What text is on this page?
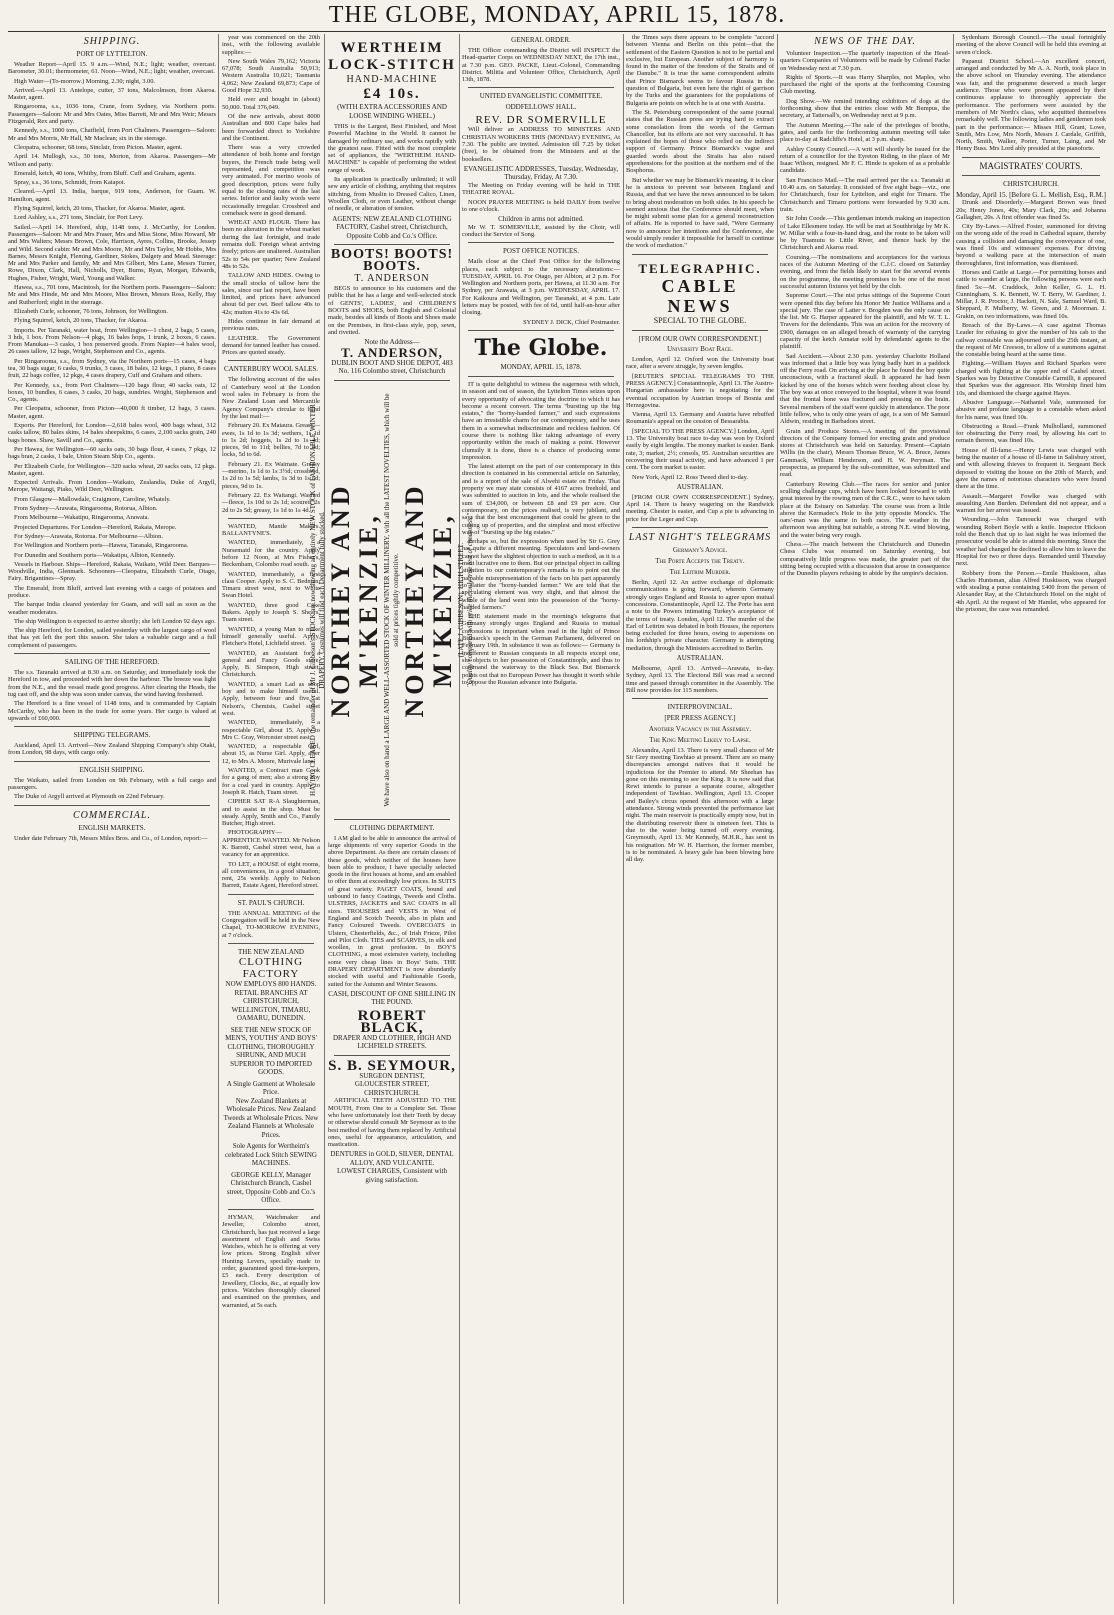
THE GLOBE, MONDAY, APRIL 15, 1878.
SHIPPING.
PORT OF LYTTELTON.
Weather Report—April 15. 9 a.m.—Wind, N.E.; light; weather, overcast. Barometer, 30.01; thermometer, 61. Noon—Wind, N.E.; light; weather, overcast.
High Water—(To-morrow.) Morning, 2.30; night, 3.00.
Arrived.—April 13. Antelope, cutter, 37 tons, Malcolmson, from Akaroa. Master, agent.
Ringarooma, s.s., 1036 tons, Crane, from Sydney, via Northern ports. Passengers—Saloon: Mr and Mrs Oates, Miss Barrett, Mr and Mrs Weir; Messrs Fitzgerald, Rex and party.
Kennedy, s.s., 1000 tons, Chatfield, from Port Chalmers. Passengers—Saloon: Mr and Mrs Morris, Mr Hall, Mr Maclean; six in the steerage.
Cleopatra, schooner, 68 tons, Sinclair, from Picton. Master, agent.
April 14. Mullogh, s.s., 30 tons, Morton, from Akaroa. Passengers—Mr Wilson and party.
Emerald, ketch, 40 tons, Whitby, from Bluff. Cuff and Graham, agents.
Spray, s.s., 36 tons, Schmidt, from Kaiapoi.
Cleared.—April 13. India, barque, 919 tons, Anderson, for Guam. W. Hamilton, agent.
Flying Squirrel, ketch, 20 tons, Thacker, for Akaroa. Master, agent.
Lord Ashley, s.s., 271 tons, Sinclair, for Port Levy.
Sailed.—April 14. Hereford, ship, 1148 tons, J. McCarthy, for London. Passengers—Saloon: Mr and Mrs Fraser, Mrs and Miss Stone, Miss Howard, Mr and Mrs Walters; Messrs Brown, Cole, Harrison, Ayres, Collins, Brooke, Jessep and Wild. Second cabin: Mr and Mrs Moore, Mr and Mrs Taylor, Mr Hobbs, Mrs Barnes, Messrs Knight, Fleming, Gardiner, Stokes, Dalgety and Mead. Steerage: Mr and Mrs Parker and family, Mr and Mrs Gilbert, Mrs Lane, Messrs Turner, Rowe, Dixon, Clark, Hall, Nicholls, Dyer, Burns, Ryan, Morgan, Edwards, Hughes, Fisher, Wright, Ward, Young and Walker.
Hawea, s.s., 701 tons, Macintosh, for the Northern ports. Passengers—Saloon: Mr and Mrs Hinde, Mr and Mrs Moore, Miss Brown, Messrs Ross, Kelly, Hay and Rutherford; eight in the steerage.
Elizabeth Curle, schooner, 76 tons, Johnson, for Wellington.
Flying Squirrel, ketch, 20 tons, Thacker, for Akaroa.
Imports. Per Taranaki, water boat, from Wellington—1 chest, 2 bags, 5 cases, 3 hds, 1 box. From Nelson—4 pkgs, 16 bales hops, 1 trunk, 2 boxes, 6 cases. From Manukau—3 casks, 1 box preserved goods. From Napier—4 bales wool, 26 cases tallow, 12 bags, Wright, Stephenson and Co., agents.
Per Ringarooma, s.s., from Sydney, via the Northern ports—15 cases, 4 bags tea, 30 bags sugar, 6 casks, 9 trunks, 3 cases, 18 bales, 12 kegs, 1 piano, 8 cases fruit, 22 bags coffee, 12 pkgs, 4 cases drapery, Cuff and Graham and others.
Per Kennedy, s.s., from Port Chalmers—120 bags flour, 40 sacks oats, 12 boxes, 10 bundles, 6 cases, 3 casks, 20 bags, sundries. Wright, Stephenson and Co., agents.
Per Cleopatra, schooner, from Picton—40,000 ft timber, 12 bags, 3 cases. Master, agent.
Exports. Per Hereford, for London—2,618 bales wool, 400 bags wheat, 312 casks tallow, 80 bales skins, 14 bales sheepskins, 6 cases, 2,100 sacks grain, 240 bags bones. Shaw, Savill and Co., agents.
Per Hawea, for Wellington—60 sacks oats, 30 bags flour, 4 cases, 7 pkgs, 12 bags bran, 2 casks, 1 bale, Union Steam Ship Co., agents.
Per Elizabeth Curle, for Wellington—320 sacks wheat, 20 sacks oats, 12 pkgs. Master, agent.
Expected Arrivals. From London—Waikato, Zealandia, Duke of Argyll, Merope, Waitangi, Piako, Wild Deer, Wellington.
From Glasgow—Mallowdale, Craigmore, Caroline, Whately.
From Sydney—Arawata, Ringarooma, Rotorua, Albion.
From Melbourne—Wakatipu, Ringarooma, Arawata.
Projected Departures. For London—Hereford, Rakaia, Merope.
For Sydney—Arawata, Rotorua. For Melbourne—Albion.
For Wellington and Northern ports—Hawea, Taranaki, Ringarooma.
For Dunedin and Southern ports—Wakatipu, Albion, Kennedy.
Vessels in Harbour. Ships—Hereford, Rakaia, Waikato, Wild Deer. Barques—Woodville, India, Glenmark. Schooners—Cleopatra, Elizabeth Curle, Otago, Fairy. Brigantines—Spray.
The Emerald, from Bluff, arrived last evening with a cargo of potatoes and produce.
The barque India cleared yesterday for Guam, and will sail as soon as the weather moderates.
The ship Wellington is expected to arrive shortly; she left London 92 days ago.
The ship Hereford, for London, sailed yesterday with the largest cargo of wool that has yet left the port this season. She takes a valuable cargo and a full complement of passengers.
SAILING OF THE HEREFORD.
The s.s. Taranaki arrived at 8.30 a.m. on Saturday, and immediately took the Hereford in tow, and proceeded with her down the harbour. The breeze was light from the N.E., and the vessel made good progress. After clearing the Heads, the tug cast off, and the ship was soon under canvas, the wind having freshened.
The Hereford is a fine vessel of 1148 tons, and is commanded by Captain McCarthy, who has been in the trade for some years. Her cargo is valued at upwards of £60,000.
SHIPPING TELEGRAMS.
Auckland, April 13. Arrived—New Zealand Shipping Company's ship Otaki, from London, 98 days, with cargo only.
ENGLISH SHIPPING.
The Waikato, sailed from London on 9th February, with a full cargo and passengers.
The Duke of Argyll arrived at Plymouth on 22nd February.
COMMERCIAL.
ENGLISH MARKETS.
Under date February 7th, Messrs Miles Bros. and Co., of London, report:—
year was commenced on the 20th inst., with the following available supplies:—
New South Wales 79,162; Victoria 67,078; South Australia 50,913; Western Australia 10,021; Tasmania 4,062; New Zealand 69,873; Cape of Good Hope 32,930.
Held over and bought in (about) 50,000. Total 376,049.
Of the new arrivals, about 8000 Australian and 800 Cape bales had been forwarded direct to Yorkshire and the Continent.
There was a very crowded attendance of both home and foreign buyers, the French trade being well represented, and competition was very animated. For merino wools of good description, prices were fully equal to the closing rates of the last series. Inferior and faulty wools were occasionally irregular. Crossbred and comeback were in good demand.
WHEAT AND FLOUR. There has been no alteration in the wheat market during the last fortnight, and trade remains dull. Foreign wheat arriving freely; prices are unaltered. Australian 52s to 54s per quarter; New Zealand 48s to 52s.
TALLOW AND HIDES. Owing to the small stocks of tallow here the sales, since our last report, have been limited, and prices have advanced about 6d per cwt. Beef tallow 40s to 42s; mutton 41s to 43s 6d.
Hides continue in fair demand at previous rates.
LEATHER. The Government demand for tanned leather has ceased. Prices are quoted steady.
CANTERBURY WOOL SALES.
The following account of the sales of Canterbury wool at the London wool sales in February is from the New Zealand Loan and Mercantile Agency Company's circular to hand by the last mail:—
February 20. Ex Mataura. Greasy—ewes, 1s 1d to 1s 3d; wethers, 1s 1d to 1s 2d; hoggets, 1s 2d to 1s 4d; pieces, 9d to 11d; bellies, 7d to 8d; locks, 5d to 6d.
February 21. Ex Waimate. Greasy—merino, 1s 1d to 1s 3½d; crossbred, 1s 2d to 1s 5d; lambs, 1s 3d to 1s 5d; pieces, 9d to 1s.
February 22. Ex Waitangi. Washed—fleece, 1s 10d to 2s 1d; scoured, 2s 2d to 2s 5d; greasy, 1s 1d to 1s 4d.
WANTED, Mantle Makers. BALLANTYNE'S.
WANTED, immediately, a Nursemaid for the country. Apply before 12 Noon, at Mrs Fisher's, Beckenham, Colombo road south.
WANTED, immediately, a first class Cooper. Apply to S. C. Bedman, Timaru street west, next to White Swan Hotel.
WANTED, three good Cake Bakers. Apply to Joseph S. Shears, Tuam street.
WANTED, a young Man to make himself generally useful. Apply, Fletcher's Hotel, Lichfield street.
WANTED, an Assistant for a general and Fancy Goods store. Apply, B. Simpson, High street, Christchurch.
WANTED, a smart Lad as shop boy and to make himself useful. Apply, between four and five, at Nelson's, Chemists, Cashel street west.
WANTED, immediately, a respectable Girl, about 15. Apply to Mrs C. Gray, Worcester street east.
WANTED, a respectable Girl, about 15, as Nurse Girl. Apply, after 12, to Mrs A. Moore, Murivale lane.
WANTED, a Contract man Cook for a gang of men; also a strong boy for a coal yard in country. Apply to Joseph R. Hatch, Tuam street.
CIPHER SAT R-A Slaughterman, and to assist in the shop. Must be steady. Apply, Smith and Co., Family Butcher, High street.
PHOTOGRAPHY—APPRENTICE WANTED. Mr Nelson K. Barrett, Cashel street west, has a vacancy for an apprentice.
TO LET, a HOUSE of eight rooms, all conveniences, in a good situation; rent, 25s weekly. Apply to Nelson Barrett, Estate Agent, Hereford street.
ST. PAUL'S CHURCH.
THE ANNUAL MEETING of the Congregation will be held in the New Chapel, TO-MORROW EVENING, at 7 o'clock.
THE NEW ZEALAND
CLOTHING FACTORY
NOW EMPLOYS 800 HANDS.
RETAIL BRANCHES AT CHRISTCHURCH, WELLINGTON, TIMARU, OAMARU, DUNEDIN.
SEE THE NEW STOCK OF MEN'S, YOUTHS' AND BOYS' CLOTHING, THOROUGHLY SHRUNK, AND MUCH SUPERIOR TO IMPORTED GOODS.
A Single Garment at Wholesale Price.
New Zealand Blankets at Wholesale Prices. New Zealand Tweeds at Wholesale Prices. New Zealand Flannels at Wholesale Prices.
Sole Agents for Wertheim's celebrated Lock Stitch SEWING MACHINES.
GEORGE KELLY, Manager Christchurch Branch, Cashel street, Opposite Cobb and Co.'s Office.
HYMAN, Watchmaker and Jeweller, Colombo street, Christchurch, has just received a large assortment of English and Swiss Watches, which he is offering at very low prices. Strong English silver Hunting Levers, specially made to order, guaranteed good time-keepers, £5 each. Every description of Jewellery, Clocks, &c., at equally low prices. Watches thoroughly cleaned and examined on the premises, and warranted, at 5s each.
WERTHEIM
LOCK-STITCH
HAND-MACHINE
£4 10s.
(WITH EXTRA ACCESSORIES AND LOOSE WINDING WHEEL.)
THIS is the Largest, Best Finished, and Most Powerful Machine in the World. It cannot be damaged by ordinary use, and works rapidly with the greatest ease. Fitted with the most complete set of appliances, the "WERTHEIM HAND-MACHINE" is capable of performing the widest range of work.
Its application is practically unlimited; it will sew any article of clothing, anything that requires stitching, from Muslin to Dressed Calico, Linen, Woollen Cloth, or even Leather, without change of needle, or alteration of tension.
AGENTS: NEW ZEALAND CLOTHING FACTORY, Cashel street, Christchurch, Opposite Cobb and Co.'s Office.
BOOTS! BOOTS! BOOTS.
T. ANDERSON
BEGS to announce to his customers and the public that he has a large and well-selected stock of GENTS', LADIES', and CHILDREN'S BOOTS and SHOES, both English and Colonial made, besides all kinds of Boots and Shoes made on the Premises, in first-class style, pop, sewn, and rivetted.
Note the Address—
T. ANDERSON,
DUBLIN BOOT AND SHOE DEPOT, 483 No. 116 Colombo street, Christchurch
HAVING CLEARED the remainder of Mr J. Gibbeson's STOCK are now showing an entirely NEW STOCK of FASHIONABLE WINTER DRAPERY, Costumes will find each Department fully stocked. NORTHEY AND M'KENZIE, We have also on hand a LARGE AND WELL-ASSORTED STOCK OF WINTER MILLINERY, with all the LATEST NOVELTIES, which will be sold at prices tightly competitive. NORTHEY AND M'KENZIE, (LATE J. GIBBESON), HIGH STREET. "Quality compared with price the only true test of cheapness."
CLOTHING DEPARTMENT.
I AM glad to be able to announce the arrival of large shipments of very superior Goods in the above Department. As there are certain classes of these goods, which neither of the houses have been able to produce, I have specially selected goods in the first houses at home, and am enabled to offer them at exceedingly low prices. In SUITS of great variety. PAGET COATS, bound and unbound in fancy Coatings, Tweeds and Cloths. ULSTERS, JACKETS and SAC COATS in all sizes. TROUSERS and VESTS in West of England and Scotch Tweeds, also in plain and Fancy Coloured Tweeds. OVERCOATS in Ulsters, Chesterfields, &c., of Irish Frieze, Pilot and Pilot Cloth. TIES and SCARVES, in silk and woollen, in great profusion. In BOY'S CLOTHING, a most extensive variety, including some very cheap lines in Boys' Suits. THE DRAPERY DEPARTMENT is now abundantly stocked with useful and Fashionable Goods, suited for the Autumn and Winter Seasons.
CASH, DISCOUNT OF ONE SHILLING IN THE POUND.
ROBERT BLACK,
DRAPER AND CLOTHIER, HIGH AND LICHFIELD STREETS.
S. B. SEYMOUR,
SURGEON DENTIST,
GLOUCESTER STREET, CHRISTCHURCH.
ARTIFICIAL TEETH ADJUSTED TO THE MOUTH, From One to a Complete Set. Those who have unfortunately lost their Teeth by decay or otherwise should consult Mr Seymour as to the best method of having them replaced by Artificial ones, useful for appearance, articulation, and mastication.
DENTURES in GOLD, SILVER, DENTAL ALLOY, AND VULCANITE.
LOWEST CHARGES, Consistent with giving satisfaction.
GENERAL ORDER.
THE Officer commanding the District will INSPECT the Head-quarter Corps on WEDNESDAY NEXT, the 17th inst., at 7.30 p.m. GEO. PACKE, Lieut.-Colonel, Commanding District. Militia and Volunteer Office, Christchurch, April 13th, 1878.
UNITED EVANGELISTIC COMMITTEE.
ODDFELLOWS' HALL.
REV. DR SOMERVILLE
Will deliver an ADDRESS TO MINISTERS AND CHRISTIAN WORKERS THIS (MONDAY) EVENING, At 7.30. The public are invited. Admission till 7.25 by ticket (free), to be obtained from the Ministers and at the booksellers.
EVANGELISTIC ADDRESSES, Tuesday, Wednesday, Thursday, Friday, At 7.30.
The Meeting on Friday evening will be held in THE THEATRE ROYAL.
NOON PRAYER MEETING is held DAILY from twelve to one o'clock.
Children in arms not admitted.
Mr W. T. SOMERVILLE, assisted by the Choir, will conduct the Service of Song.
POST OFFICE NOTICES.
Mails close at the Chief Post Office for the following places, each subject to the necessary alterations:— TUESDAY, APRIL 16. For Otago, per Albion, at 2 p.m. For Wellington and Northern ports, per Hawea, at 11.30 a.m. For Sydney, per Arawata, at 3 p.m. WEDNESDAY, APRIL 17. For Kaikoura and Wellington, per Taranaki, at 4 p.m. Late letters may be posted, with fee of 6d, until half-an-hour after closing.
SYDNEY J. DICK, Chief Postmaster.
The Globe.
MONDAY, APRIL 15, 1878.
IT is quite delightful to witness the eagerness with which, in season and out of season, the Lyttelton Times seizes upon every opportunity of advocating the doctrine to which it has become a recent convert. The terms "bursting up the big estates," the "horny-handed farmer," and such expressions have an irresistible charm for our contemporary, and he uses them in a somewhat indiscriminate and reckless fashion. Of course there is nothing like taking advantage of every opportunity within the reach of making a point. However clumsily it is done, there is a chance of producing some impression.
The latest attempt on the part of our contemporary in this direction is contained in his commercial article on Saturday, and is a report of the sale of Alwehi estate on Friday. That property we may state consists of 4167 acres freehold, and was submitted to auction in lots, and the whole realised the sum of £34,000, or between £8 and £9 per acre. Our contemporary, on the prices realised, is very jubilant, and says that the best encouragement that could be given to the cutting up of properties, and the simplest and most effective way of "bursting up the big estates."
Perhaps so, but the expression when used by Sir G. Grey has quite a different meaning. Speculators and land-owners cannot have the slightest objection to such a method, as it is a most lucrative one to them. But our principal object in calling attention to our contemporary's remarks is to point out the palpable misrepresentation of the facts on his part apparently to flatter the "horny-handed farmer." We are told that the speculating element was very slight, and that almost the whole of the land went into the possession of the "horny-handed farmers."
THE statement made in the morning's telegrams that Germany strongly urges England and Russia to mutual concessions is important when read in the light of Prince Bismarck's speech in the German Parliament, delivered on February 19th. In substance it was as follows:— Germany is indifferent to Russian conquests in all respects except one, she objects to her possession of Constantinople, and thus to command the waterway to the Black Sea. But Bismarck points out that no European Power has thought it worth while to oppose the Russian advance into Bulgaria.
the Times says there appears to be complete "accord between Vienna and Berlin on this point—that the settlement of the Eastern Question is not to be partial and exclusive, but European. Another subject of harmony is found in the matter of the freedom of the Straits and of the Danube." It is true the same correspondent admits that Prince Bismarck seems to favour Russia in the question of Bulgaria, but even here the right of garrison by the Turks and the guarantees for the populations of Bulgaria are points on which he is at one with Austria.
The St. Petersburg correspondent of the same journal states that the Russian press are trying hard to extract some consolation from the words of the German Chancellor, but its efforts are not very successful. It has explained the hopes of those who relied on the indirect support of Germany. Prince Bismarck's vague and guarded words about the Straits has also raised apprehensions for the position at the northern end of the Bosphorus.
But whether we may be Bismarck's meaning, it is clear he is anxious to prevent war between England and Russia, and that we have the news announced to be taken to bring about moderation on both sides. In his speech he seemed anxious that the Conference should meet, when he might submit some plan for a general reconstruction of affairs. He is reported to have said, "Were Germany now to announce her intentions and the Conference, she would simply render it impossible for herself to continue the work of mediation."
TELEGRAPHIC.
CABLE NEWS
SPECIAL TO THE GLOBE.
[FROM OUR OWN CORRESPONDENT.]
University Boat Race.
London, April 12. Oxford won the University boat race, after a severe struggle, by seven lengths.
[REUTER'S SPECIAL TELEGRAMS TO THE PRESS AGENCY.] Constantinople, April 13. The Austro-Hungarian ambassador here is negotiating for the eventual occupation by Austrian troops of Bosnia and Herzegovina.
Vienna, April 13. Germany and Austria have rebuffed Roumania's appeal on the cession of Bessarabia.
[SPECIAL TO THE PRESS AGENCY.] London, April 13. The University boat race to-day was won by Oxford easily by eight lengths. The money market is easier. Bank rate, 3; market, 2½; consols, 95. Australian securities are recovering their usual activity, and have advanced 1 per cent. The corn market is easier.
New York, April 12. Ross Tweed died to-day.
AUSTRALIAN.
[FROM OUR OWN CORRESPONDENT.] Sydney, April 14. There is heavy wagering on the Randwick meeting. Chester is easier, and Cup a pie is advancing in price for the Leger and Cup.
LAST NIGHT'S TELEGRAMS
Germany's Advice.
The Porte Accepts the Treaty.
The Leitrim Murder.
Berlin, April 12. An active exchange of diplomatic communications is going forward, wherein Germany strongly urges England and Russia to agree upon mutual concessions. Constantinople, April 12. The Porte has sent a note to the Powers intimating Turkey's acceptance of the terms of treaty. London, April 12. The murder of the Earl of Leitrim was debated in both Houses, the reporters being excluded for three hours, owing to aspersions on his lordship's private character. Germany is attempting mediation, through the Ministers accredited to Berlin.
AUSTRALIAN.
Melbourne, April 13. Arrived—Arawata, to-day. Sydney, April 13. The Electoral Bill was read a second time and passed through committee in the Assembly. The Bill now provides for 115 members.
INTERPROVINCIAL.
[PER PRESS AGENCY.]
Another Vacancy in the Assembly.
The King Meeting Likely to Lapse.
Alexandra, April 13. There is very small chance of Mr Sir Grey meeting Tawhiao at present. There are so many discrepancies amongst natives that it would be injudicious for the Premier to attend. Mr Sheehan has gone on this morning to see the King. It is now said that Rewi intends to pursue a separate course, altogether independent of Tawhiao. Wellington, April 13. Cooper and Bailey's circus opened this afternoon with a large attendance. Strong winds prevented the performance last night. The main reservoir is practically empty now, but in the distributing reservoir there is nineteen feet. This is due to the water being turned off every evening. Greymouth, April 13. Mr Kennedy, M.H.R., has sent in his resignation. Mr W. H. Harrison, the former member, is to be nominated. A heavy gale has been blowing here all day.
NEWS OF THE DAY.
Volunteer Inspection.—The quarterly inspection of the Head-quarters Companies of Volunteers will be made by Colonel Packe on Wednesday next at 7.30 p.m.
Rights of Sports.—It was Harry Sharples, not Maples, who purchased the right of the sports at the forthcoming Coursing Club meeting.
Dog Show.—We remind intending exhibitors of dogs at the forthcoming show that the entries close with Mr Bumpus, the secretary, at Tattersall's, on Wednesday next at 9 p.m.
The Autumn Meeting.—The sale of the privileges of booths, gates, and cards for the forthcoming autumn meeting will take place to-day at Radcliffe's Hotel, at 3 p.m. sharp.
Ashley County Council.—A writ will shortly be issued for the return of a councillor for the Eyreton Riding, in the place of Mr Isaac Wilson, resigned. Mr F. C. Hinde is spoken of as a probable candidate.
San Francisco Mail.—The mail arrived per the s.s. Taranaki at 10.40 a.m. on Saturday. It consisted of five eight bags—viz., one for Christchurch, four for Lyttelton, and eight for Timaru. The Christchurch and Timaru portions were forwarded by 9.30 a.m. train.
Sir John Coode.—This gentleman intends making an inspection of Lake Ellesmere today. He will be met at Southbridge by Mr K. W. Millar with a four-in-hand drag, and the route to be taken will be by Tuamutu to Little River, and thence back by the Christchurch and Akaroa road.
Coursing.—The nominations and acceptances for the various races of the Autumn Meeting of the C.J.C. closed on Saturday evening, and from the fields likely to start for the several events on the programme, the meeting promises to be one of the most successful autumn fixtures yet held by the club.
Supreme Court.—The nisi prius sittings of the Supreme Court were opened this day before his Honor Mr Justice Williams and a special jury. The case of Latter v. Brogden was the only cause on the list. Mr G. Harper appeared for the plaintiff, and Mr W. T. L. Travers for the defendants. This was an action for the recovery of £900, damages on an alleged breach of warranty of the carrying capacity of the ketch Annatar sold by defendants' agents to the plaintiff.
Sad Accident.—About 2.30 p.m. yesterday Charlotte Holland was informed that a little boy was lying badly hurt in a paddock off the Ferry road. On arriving at the place he found the boy quite unconscious, with a fractured skull. It appeared he had been kicked by one of the horses which were feeding about close by. The boy was at once conveyed to the hospital, where it was found that the frontal bone was fractured and pressing on the brain. Several members of the staff were quickly in attendance. The poor little fellow, who is only nine years of age, is a son of Mr Samuel Aldwin, residing in Barbadoes street.
Grain and Produce Stores.—A meeting of the provisional directors of the Company formed for erecting grain and produce stores at Christchurch was held on Saturday. Present—Captain Willis (in the chair), Messrs Thomas Bruce, W. A. Bruce, James Gammack, William Henderson, and H. W. Peryman. The prospectus, as prepared by the sub-committee, was submitted and read.
Canterbury Rowing Club.—The races for senior and junior sculling challenge cups, which have been looked forward to with great interest by the rowing men of the C.R.C., were to have taken place at the Estuary on Saturday. The course was from a little above the Kermadec's Hole to the jetty opposite Monck's. The oars'-man was the same in both races. The weather in the afternoon was anything but suitable, a strong N.E. wind blowing, and the water being very rough.
Chess.—The match between the Christchurch and Dunedin Chess Clubs was resumed on Saturday evening, but comparatively little progress was made, the greater part of the sitting being occupied with a discussion that arose in consequence of the Dunedin players refusing to abide by the umpire's decision.
Sydenham Borough Council.—The usual fortnightly meeting of the above Council will be held this evening at seven o'clock.
Papanui District School.—An excellent concert, arranged and conducted by Mr A. A. North, took place in the above school on Thursday evening. The attendance was fair, and the programme deserved a much larger audience. Those who were present appeared by their continuous applause to thoroughly appreciate the performance. The performers were assisted by the members of Mr North's class, who acquitted themselves remarkably well. The following ladies and gentlemen took part in the performance:— Misses Hill, Grant, Lowe, Smith, Mrs Low, Mrs North, Messrs J. Cardale, Griffith, North, Smith, Walker, Porter, Turner, Laing, and Mr Henry Buss. Mrs Lord ably presided at the pianoforte.
MAGISTRATES' COURTS.
CHRISTCHURCH.
Monday, April 15. [Before G. L. Mellish, Esq., R.M.]
Drunk and Disorderly.—Margaret Brown was fined 20s; Henry Jones, 40s; Mary Clark, 20s; and Johanna Gallagher, 20s. A first offender was fined 5s.
City By-Laws.—Alfred Foster, summoned for driving on the wrong side of the road in Cathedral square, thereby causing a collision and damaging the conveyance of one, was fined 10s and witnesses' expenses. For driving beyond a walking pace at the intersection of main thoroughfares, first information, was dismissed.
Horses and Cattle at Large.—For permitting horses and cattle to wander at large, the following persons were each fined 5s:—M. Craddock, John Keller, G. L. H. Cunningham, S. K. Bennett, W. T. Berry, W. Gardiner, J. Millar, J. R. Proctor, J. Hackett, N. Sale, Samuel Ward, B. Sheppard, F. Mulberry, W. Green, and J. Moorman. J. Grakin, on two informations, was fined 10s.
Breach of the By-Laws.—A case against Thomas Leader for refusing to give the number of his cab to the railway constable was adjourned until the 25th instant, at the request of Mr Creeson, to allow of a summons against the constable being heard at the same time.
Fighting.—William Hayes and Richard Sparkes were charged with fighting at the upper end of Cashel street. Sparkes was by Detective Constable Carmilli, it appeared that Sparkes was the aggressor. His Worship fined him 10s, and dismissed the charge against Hayes.
Abusive Language.—Nathaniel Vale, summoned for abusive and profane language to a constable when asked for his name, was fined 10s.
Obstructing a Road.—Frank Mulholland, summoned for obstructing the Ferry road, by allowing his cart to remain thereon, was fined 10s.
House of Ill-fame.—Henry Lewis was charged with being the master of a house of ill-fame in Salisbury street, and with allowing thieves to frequent it. Sergeant Beck deposed to visiting the house on the 20th of March, and gave the names of notorious characters who were found there at the time.
Assault.—Margaret Fowlke was charged with assaulting Ann Burden. Defendant did not appear, and a warrant for her arrest was issued.
Wounding.—John Tamoucki was charged with wounding Robert Boyle with a knife. Inspector Hickson told the Bench that up to last night he was informed the prosecutor would be able to attend this morning. Since the weather had changed he declined to allow him to leave the Hospital for two or three days. Remanded until Thursday next.
Robbery from the Person.—Emile Huskisson, alias Charles Huntsman, alias Alfred Huskisson, was charged with stealing a purse containing £400 from the person of Alexander Ray, at the Christchurch Hotel on the night of 4th April. At the request of Mr Hamlet, who appeared for the prisoner, the case was remanded.
